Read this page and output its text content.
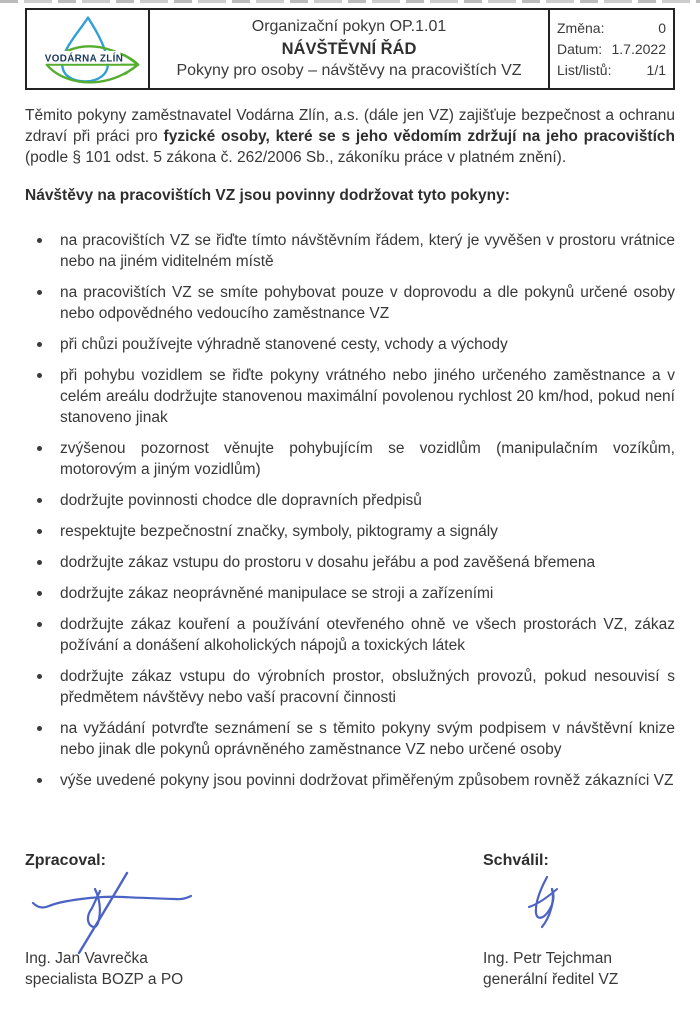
VODÁRNA ZLÍN
Organizační pokyn OP.1.01
NÁVŠTĚVNÍ ŘÁD
Pokyny pro osoby – návštěvy na pracovištích VZ
Změna:	0
Datum: 1.7.2022
List/listů:	1/1

Těmito pokyny zaměstnavatel Vodárna Zlín, a.s. (dále jen VZ) zajišťuje bezpečnost a ochranu zdraví při práci pro fyzické osoby, které se s jeho vědomím zdržují na jeho pracovištích (podle § 101 odst. 5 zákona č. 262/2006 Sb., zákoníku práce v platném znění).

Návštěvy na pracovištích VZ jsou povinny dodržovat tyto pokyny:

na pracovištích VZ se řiďte tímto návštěvním řádem, který je vyvěšen v prostoru vrátnice nebo na jiném viditelném místě
na pracovištích VZ se smíte pohybovat pouze v doprovodu a dle pokynů určené osoby nebo odpovědného vedoucího zaměstnance VZ
při chůzi používejte výhradně stanovené cesty, vchody a východy
při pohybu vozidlem se řiďte pokyny vrátného nebo jiného určeného zaměstnance a v celém areálu dodržujte stanovenou maximální povolenou rychlost 20 km/hod, pokud není stanoveno jinak
zvýšenou pozornost věnujte pohybujícím se vozidlům (manipulačním vozíkům, motorovým a jiným vozidlům)
dodržujte povinnosti chodce dle dopravních předpisů
respektujte bezpečnostní značky, symboly, piktogramy a signály
dodržujte zákaz vstupu do prostoru v dosahu jeřábu a pod zavěšená břemena
dodržujte zákaz neoprávněné manipulace se stroji a zařízeními
dodržujte zákaz kouření a používání otevřeného ohně ve všech prostorách VZ, zákaz požívání a donášení alkoholických nápojů a toxických látek
dodržujte zákaz vstupu do výrobních prostor, obslužných provozů, pokud nesouvisí s předmětem návštěvy nebo vaší pracovní činnosti
na vyžádání potvrďte seznámení se s těmito pokyny svým podpisem v návštěvní knize nebo jinak dle pokynů oprávněného zaměstnance VZ nebo určené osoby
výše uvedené pokyny jsou povinni dodržovat přiměřeným způsobem rovněž zákazníci VZ
Zpracoval:
Ing. Jan Vavrečka
specialista BOZP a PO
Schválil:
Ing. Petr Tejchman
generální ředitel VZ
